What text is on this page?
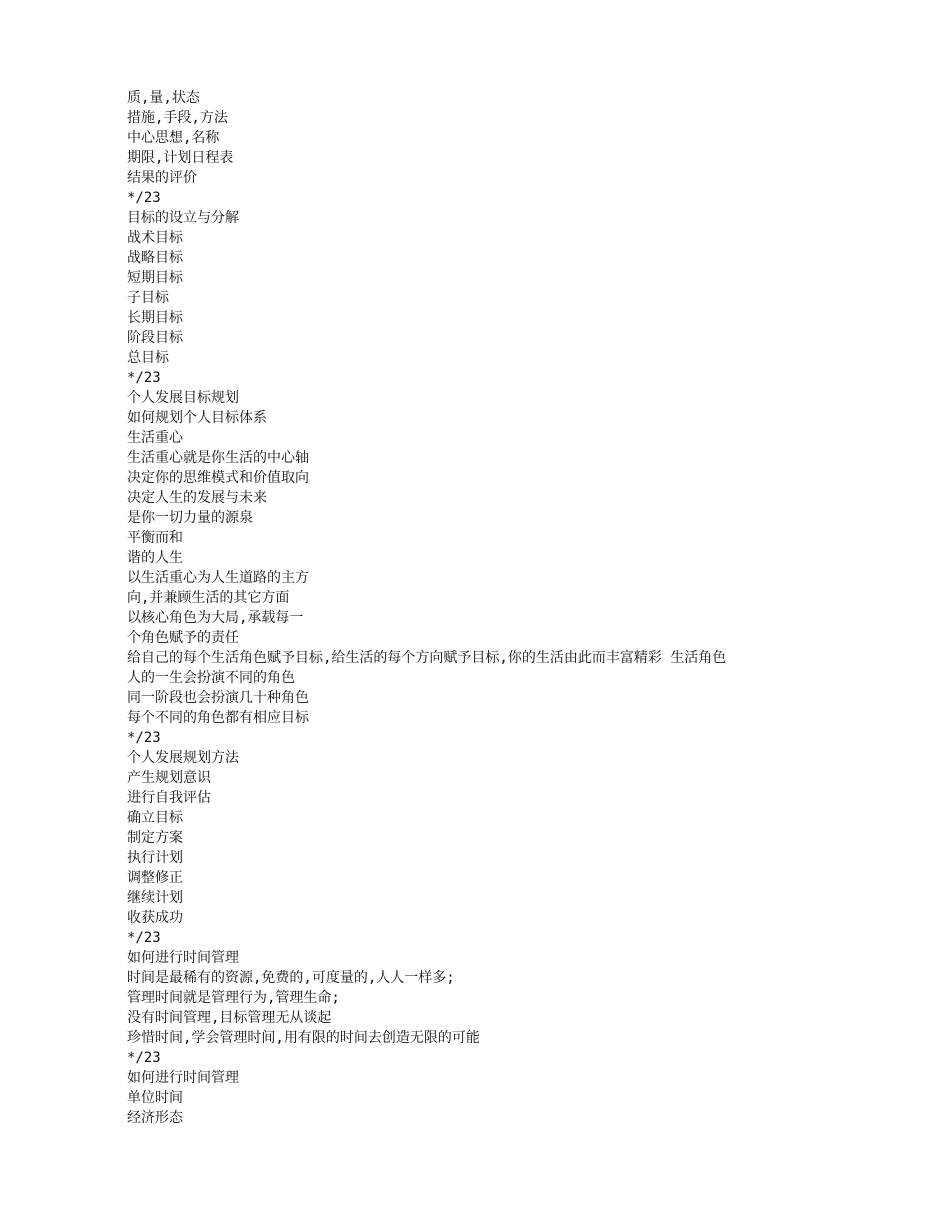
质,量,状态
措施,手段,方法
中心思想,名称
期限,计划日程表
结果的评价
*/23
目标的设立与分解
战术目标
战略目标
短期目标
子目标
长期目标
阶段目标
总目标
*/23
个人发展目标规划
如何规划个人目标体系
生活重心
生活重心就是你生活的中心轴
决定你的思维模式和价值取向
决定人生的发展与未来
是你一切力量的源泉
平衡而和
谐的人生
以生活重心为人生道路的主方
向,并兼顾生活的其它方面
以核心角色为大局,承载每一
个角色赋予的责任
给自己的每个生活角色赋予目标,给生活的每个方向赋予目标,你的生活由此而丰富精彩 生活角色
人的一生会扮演不同的角色
同一阶段也会扮演几十种角色
每个不同的角色都有相应目标
*/23
个人发展规划方法
产生规划意识
进行自我评估
确立目标
制定方案
执行计划
调整修正
继续计划
收获成功
*/23
如何进行时间管理
时间是最稀有的资源,免费的,可度量的,人人一样多;
管理时间就是管理行为,管理生命;
没有时间管理,目标管理无从谈起
珍惜时间,学会管理时间,用有限的时间去创造无限的可能
*/23
如何进行时间管理
单位时间
经济形态
